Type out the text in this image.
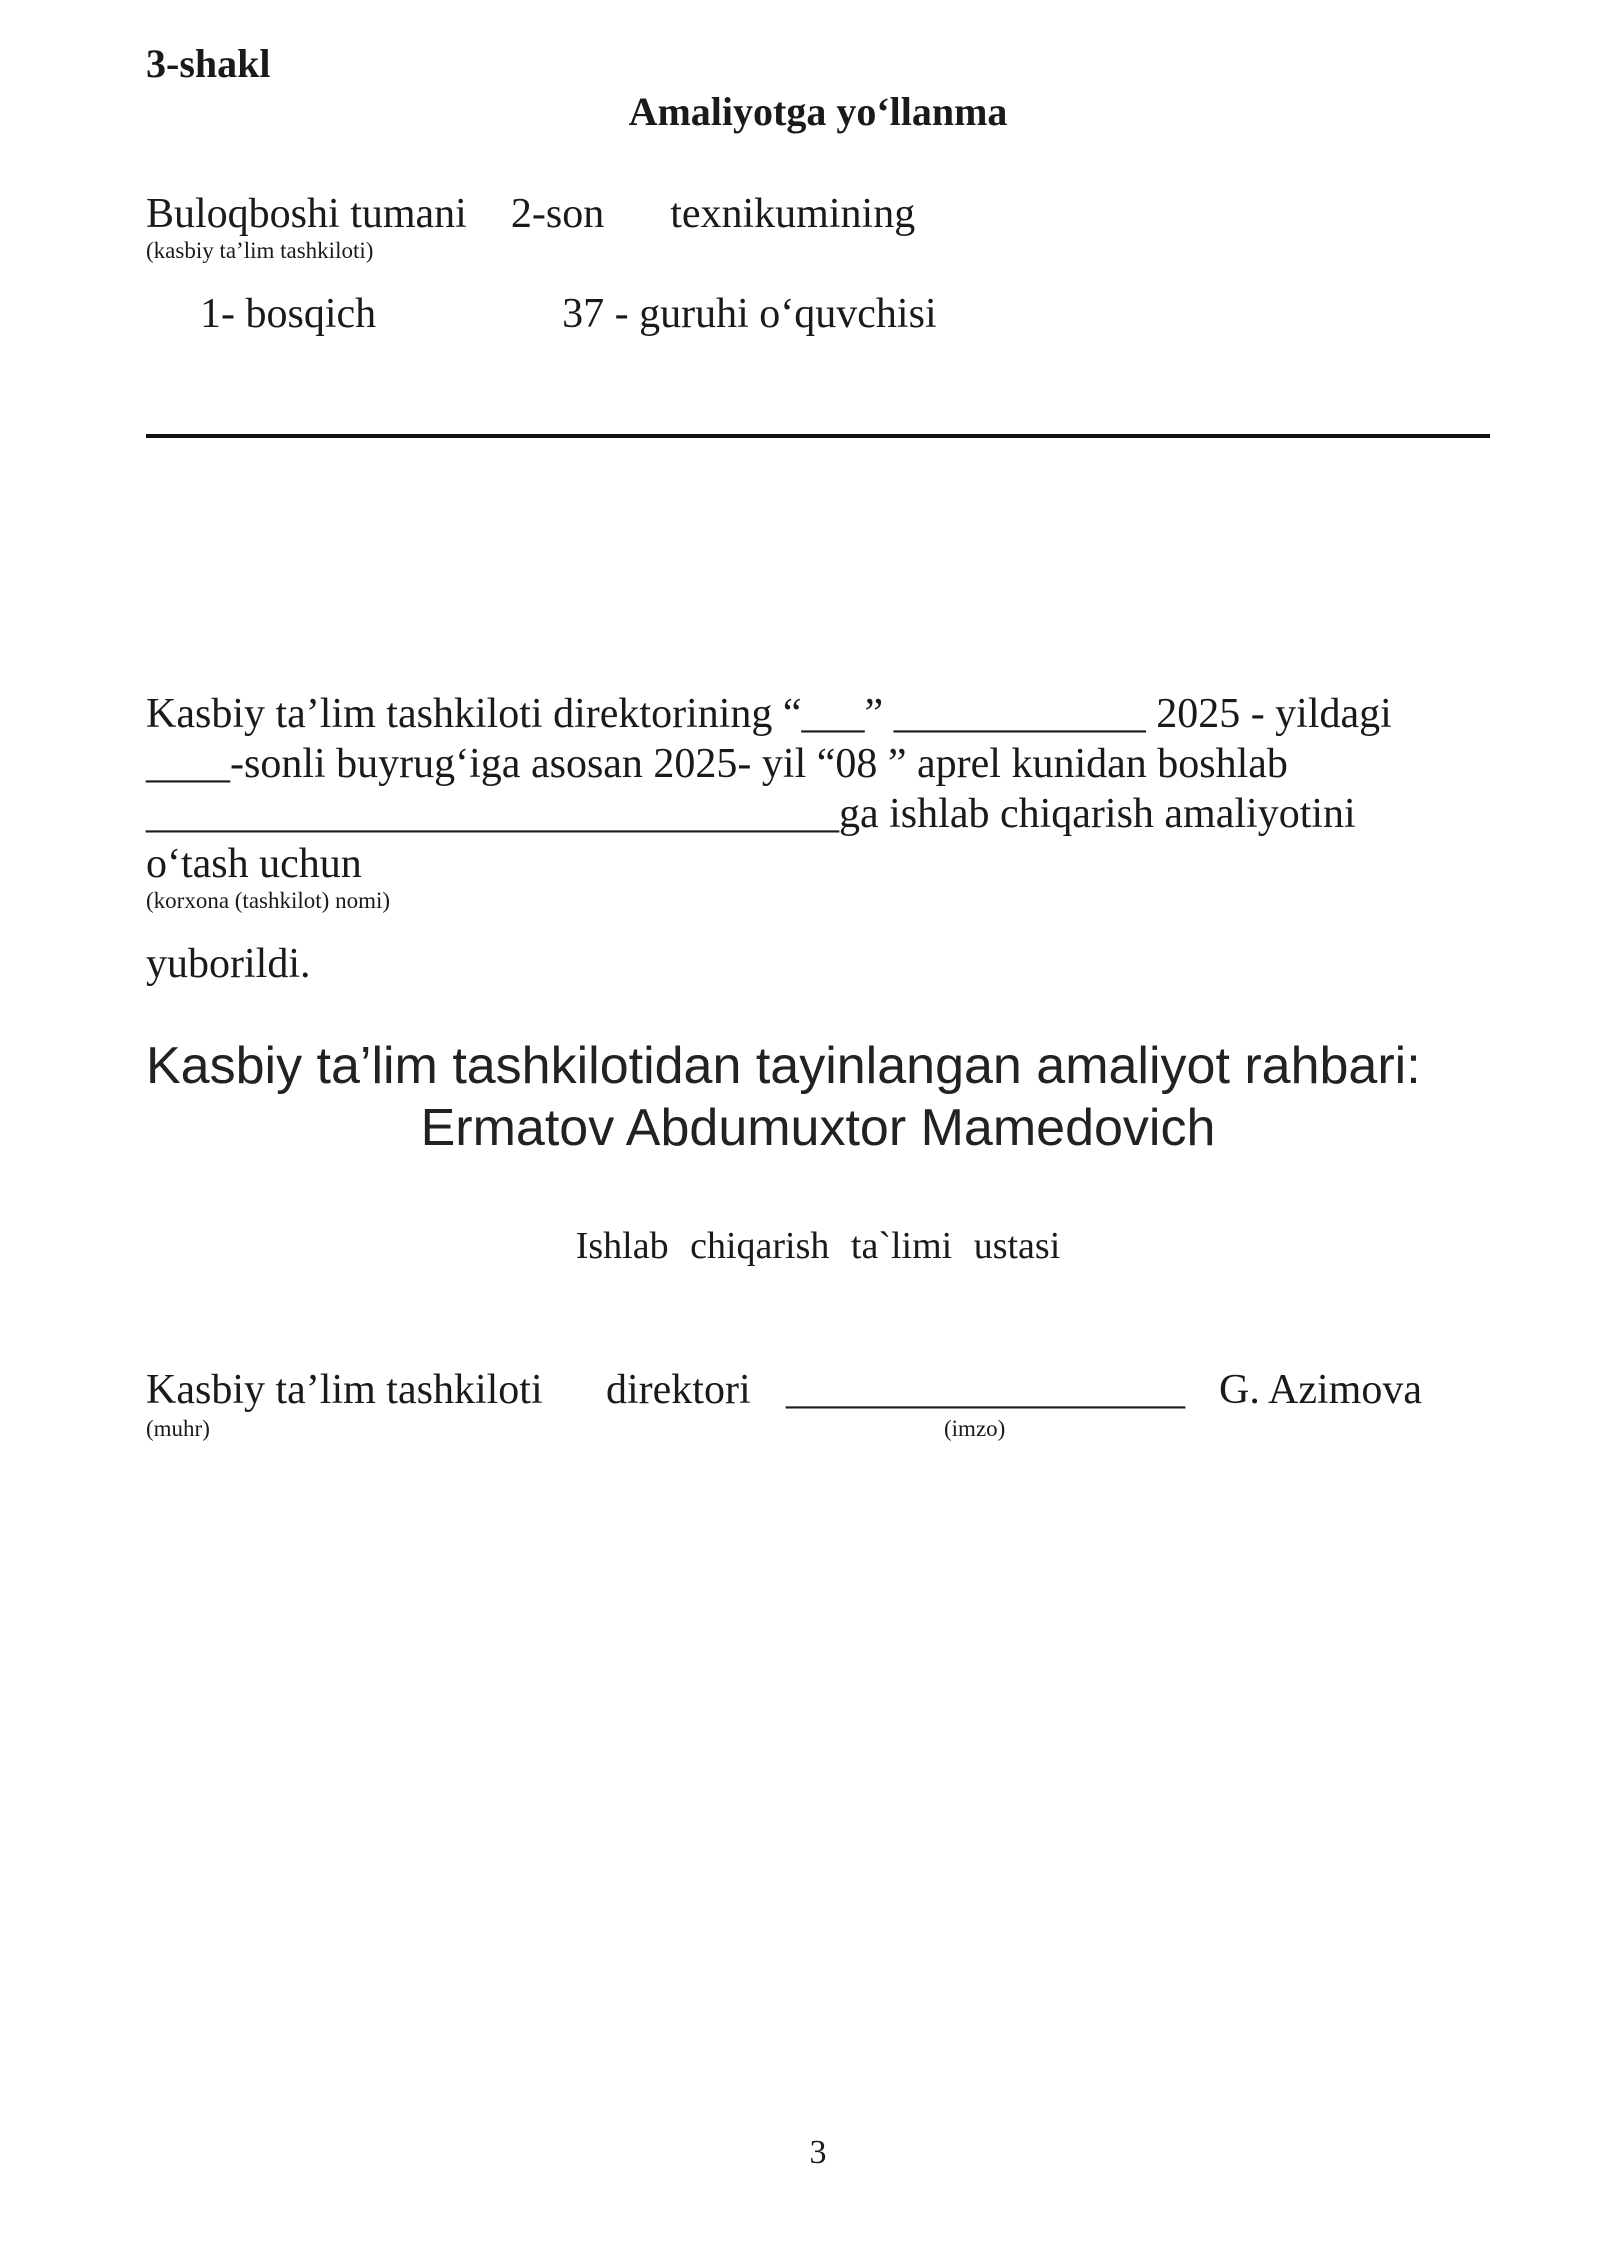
3-shakl
Amaliyotga yo‘llanma
Buloqboshi tumani 2-son texnikumining
(kasbiy ta’lim tashkiloti)
1- bosqich	37 - guruhi o‘quvchisi
Kasbiy ta’lim tashkiloti direktorining “___” ____________ 2025 - yildagi
____-sonli buyrug‘iga asosan 2025- yil “08 ” aprel kunidan boshlab
_________________________________ga ishlab chiqarish amaliyotini
o‘tash uchun
(korxona (tashkilot) nomi)
yuborildi.
Kasbiy ta’lim tashkilotidan tayinlangan amaliyot rahbari:
Ermatov Abdumuxtor Mamedovich
Ishlab chiqarish ta`limi ustasi
Kasbiy ta’lim tashkiloti direktori ___________________ G. Azimova
(muhr)	(imzo)
3
